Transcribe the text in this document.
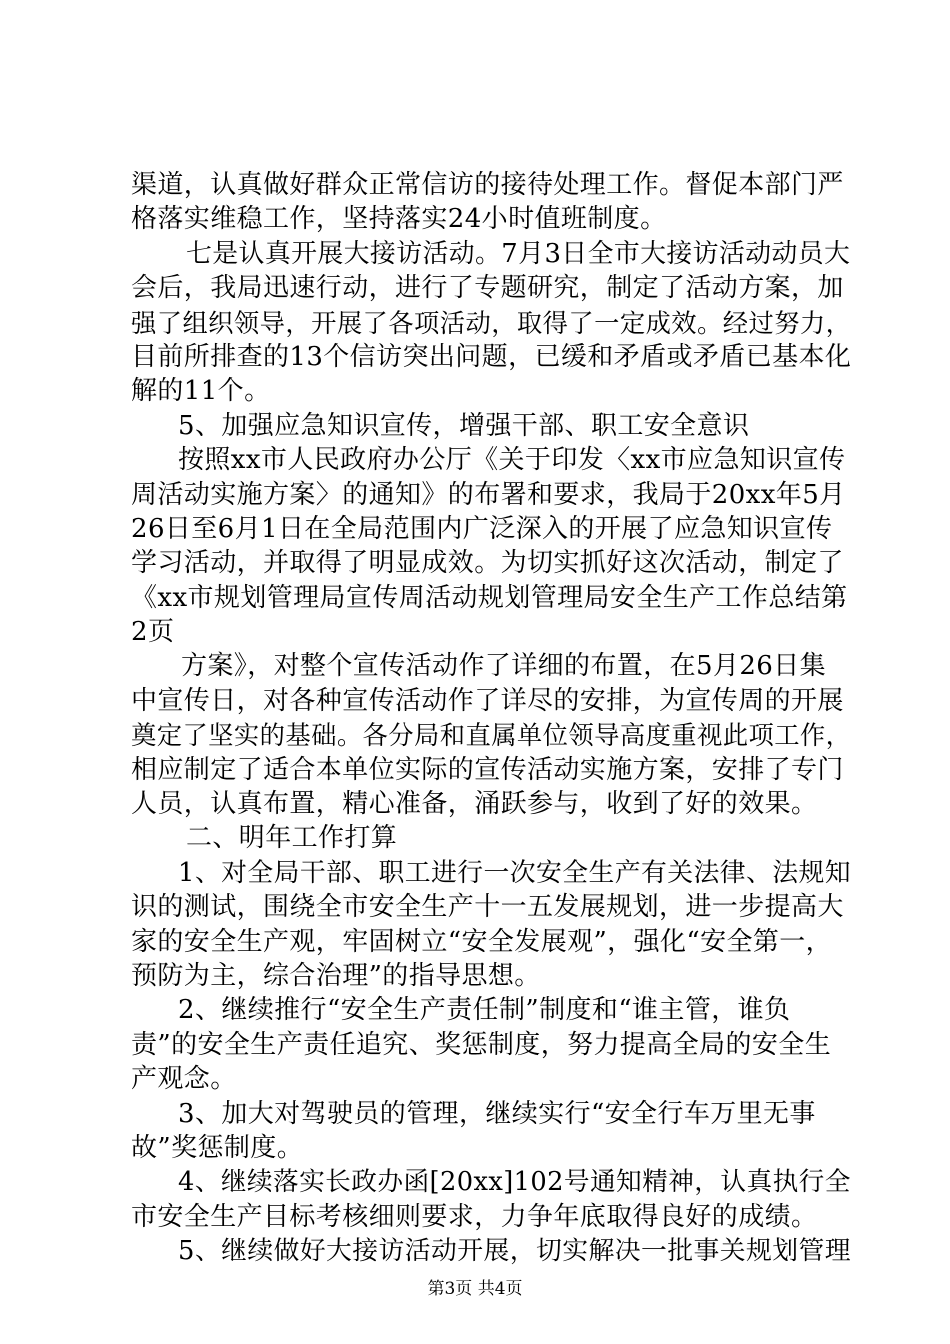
渠道，认真做好群众正常信访的接待处理工作。督促本部门严
格落实维稳工作，坚持落实24小时值班制度。
七是认真开展大接访活动。7月3日全市大接访活动动员大
会后，我局迅速行动，进行了专题研究，制定了活动方案，加
强了组织领导，开展了各项活动，取得了一定成效。经过努力，
目前所排查的13个信访突出问题，已缓和矛盾或矛盾已基本化
解的11个。
5、加强应急知识宣传，增强干部、职工安全意识
按照xx市人民政府办公厅《关于印发〈xx市应急知识宣传
周活动实施方案〉的通知》的布署和要求，我局于20xx年5月
26日至6月1日在全局范围内广泛深入的开展了应急知识宣传
学习活动，并取得了明显成效。为切实抓好这次活动，制定了
《xx市规划管理局宣传周活动规划管理局安全生产工作总结第
2页
方案》，对整个宣传活动作了详细的布置，在5月26日集
中宣传日，对各种宣传活动作了详尽的安排，为宣传周的开展
奠定了坚实的基础。各分局和直属单位领导高度重视此项工作，
相应制定了适合本单位实际的宣传活动实施方案，安排了专门
人员，认真布置，精心准备，涌跃参与，收到了好的效果。
二、明年工作打算
1、对全局干部、职工进行一次安全生产有关法律、法规知
识的测试，围绕全市安全生产十一五发展规划，进一步提高大
家的安全生产观，牢固树立“安全发展观”，强化“安全第一，
预防为主，综合治理”的指导思想。
2、继续推行“安全生产责任制”制度和“谁主管，谁负
责”的安全生产责任追究、奖惩制度，努力提高全局的安全生
产观念。
3、加大对驾驶员的管理，继续实行“安全行车万里无事
故”奖惩制度。
4、继续落实长政办函[20xx]102号通知精神，认真执行全
市安全生产目标考核细则要求，力争年底取得良好的成绩。
5、继续做好大接访活动开展，切实解决一批事关规划管理
第3页 共4页
